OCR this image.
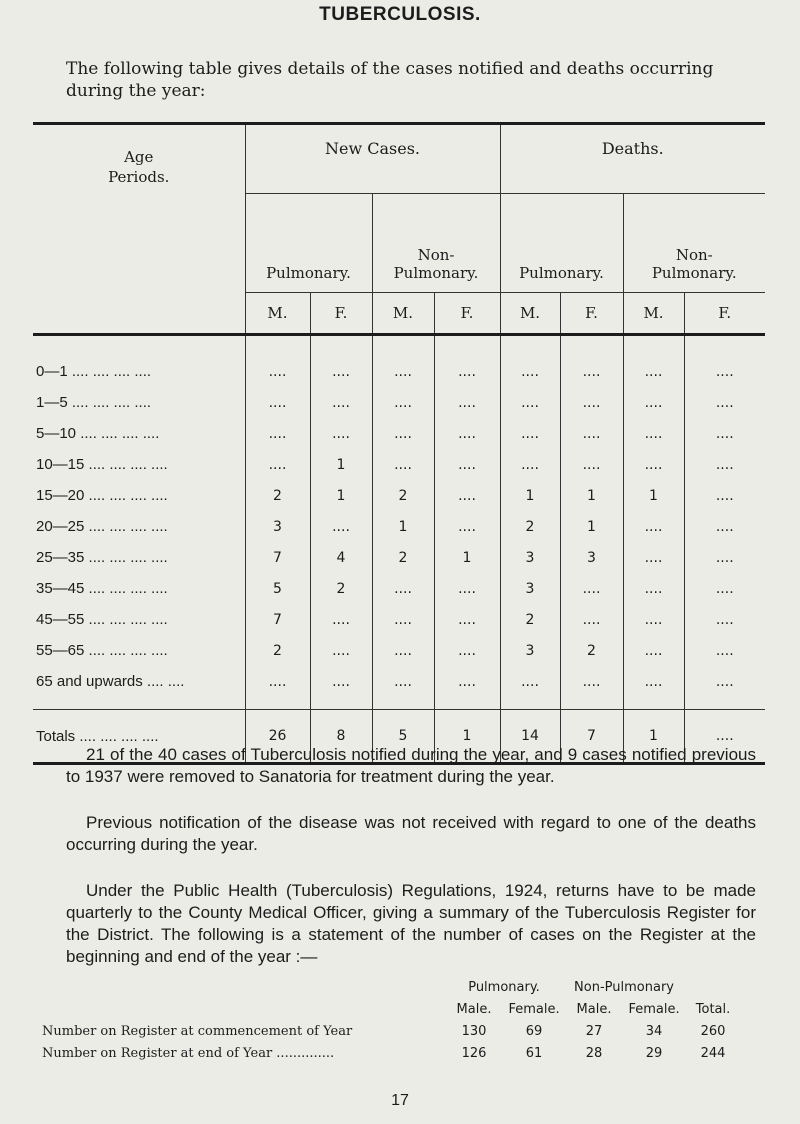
TUBERCULOSIS.
The following table gives details of the cases notified and deaths occurring during the year:
Age
Periods.	New Cases.				Deaths.			
	Pulmonary.		Non-
Pulmonary.		Pulmonary.		Non-
Pulmonary.	
	M.	F.	M.	F.	M.	F.	M.	F.
0—1 .... .... .... ....	....	....	....	....	....	....	....	....
1—5 .... .... .... ....	....	....	....	....	....	....	....	....
5—10 .... .... .... ....	....	....	....	....	....	....	....	....
10—15 .... .... .... ....	....	1	....	....	....	....	....	....
15—20 .... .... .... ....	2	1	2	....	1	1	1	....
20—25 .... .... .... ....	3	....	1	....	2	1	....	....
25—35 .... .... .... ....	7	4	2	1	3	3	....	....
35—45 .... .... .... ....	5	2	....	....	3	....	....	....
45—55 .... .... .... ....	7	....	....	....	2	....	....	....
55—65 .... .... .... ....	2	....	....	....	3	2	....	....
65 and upwards .... ....	....	....	....	....	....	....	....	....
Totals .... .... .... ....	26	8	5	1	14	7	1	....
21 of the 40 cases of Tuberculosis notified during the year, and 9 cases notified previous to 1937 were removed to Sanatoria for treatment during the year.
Previous notification of the disease was not received with regard to one of the deaths occurring during the year.
Under the Public Health (Tuberculosis) Regulations, 1924, returns have to be made quarterly to the County Medical Officer, giving a summary of the Tuberculosis Register for the District. The following is a statement of the number of cases on the Register at the beginning and end of the year :—
	Pulmonary.		Non-Pulmonary		
	Male.	Female.	Male.	Female.	Total.
Number on Register at commencement of Year	130	69	27	34	260
Number on Register at end of Year ..............	126	61	28	29	244
17
